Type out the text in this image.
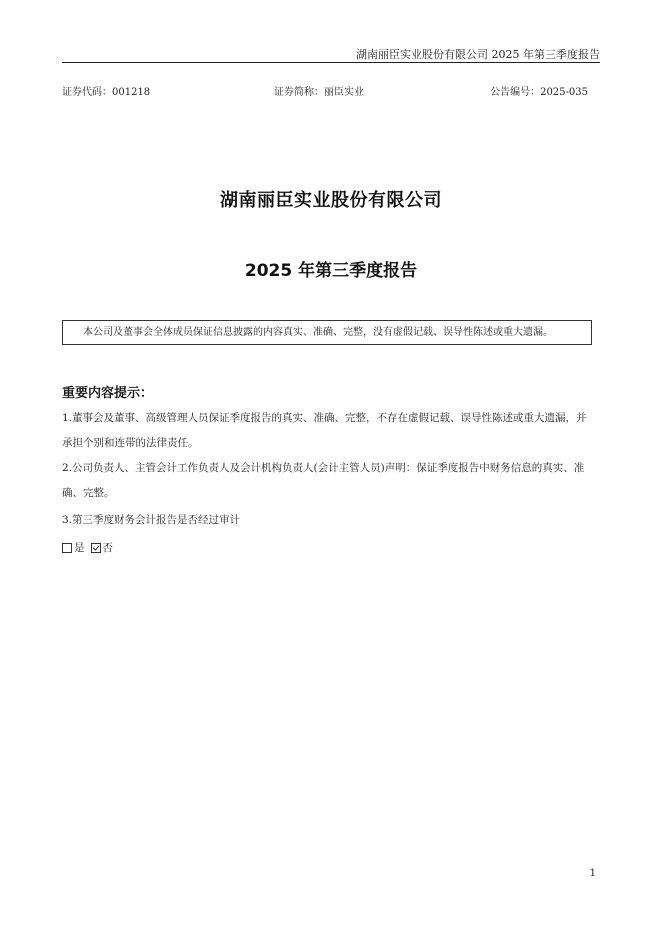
湖南丽臣实业股份有限公司 2025 年第三季度报告
证券代码：001218	证券简称：丽臣实业	公告编号：2025-035
湖南丽臣实业股份有限公司
2025 年第三季度报告
本公司及董事会全体成员保证信息披露的内容真实、准确、完整，没有虚假记载、误导性陈述或重大遗漏。
重要内容提示：
1.董事会及董事、高级管理人员保证季度报告的真实、准确、完整，不存在虚假记载、误导性陈述或重大遗漏，并承担个别和连带的法律责任。
2.公司负责人、主管会计工作负责人及会计机构负责人(会计主管人员)声明：保证季度报告中财务信息的真实、准确、完整。
3.第三季度财务会计报告是否经过审计
是 否
1
